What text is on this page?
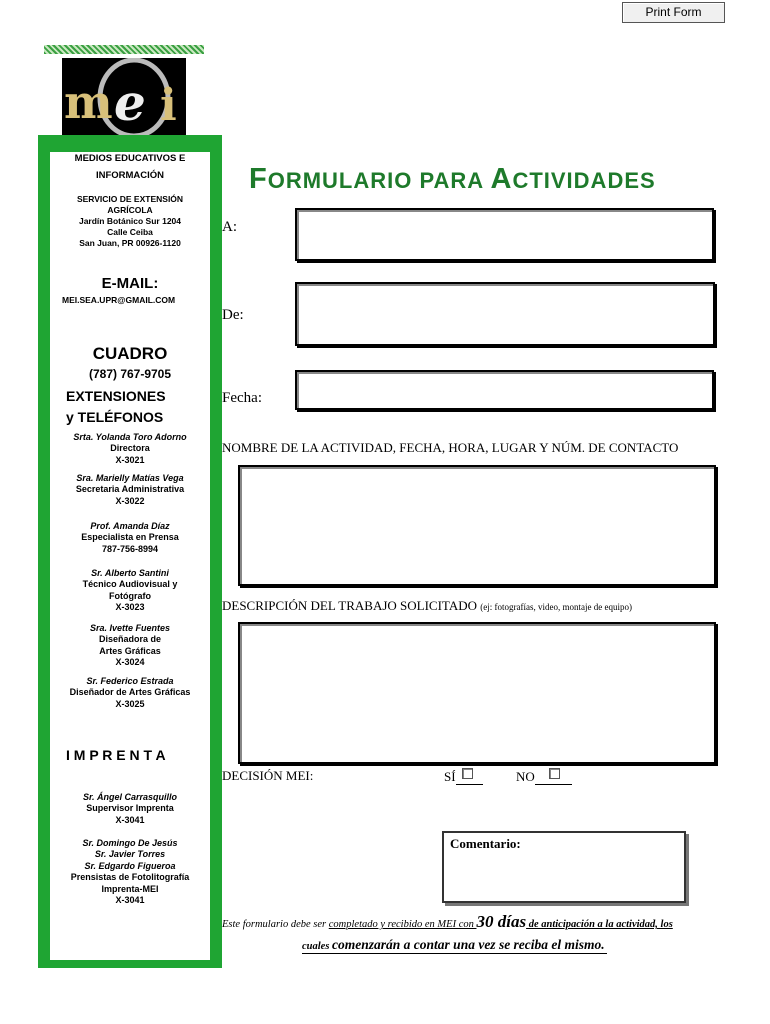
Print Form
m e i
MEDIOS EDUCATIVOS E
INFORMACIÓN
SERVICIO DE EXTENSIÓN
AGRÍCOLA
Jardín Botánico Sur 1204
Calle Ceiba
San Juan, PR 00926-1120
E-MAIL:
MEI.SEA.UPR@GMAIL.COM
CUADRO
(787) 767-9705
EXTENSIONES
y TELÉFONOS
Srta. Yolanda Toro Adorno
Directora
X-3021
Sra. Marielly Matías Vega
Secretaria Administrativa
X-3022
Prof. Amanda Díaz
Especialista en Prensa
787-756-8994
Sr. Alberto Santini
Técnico Audiovisual y
Fotógrafo
X-3023
Sra. Ivette Fuentes
Diseñadora de
Artes Gráficas
X-3024
Sr. Federico Estrada
Diseñador de Artes Gráficas
X-3025
I M P R E N T A
Sr. Ángel Carrasquillo
Supervisor Imprenta
X-3041
Sr. Domingo De Jesús
Sr. Javier Torres
Sr. Edgardo Figueroa
Prensistas de Fotolitografía
Imprenta-MEI
X-3041
FORMULARIO PARA ACTIVIDADES
A:
De:
Fecha:
NOMBRE DE LA ACTIVIDAD, FECHA, HORA, LUGAR Y NÚM. DE CONTACTO
DESCRIPCIÓN DEL TRABAJO SOLICITADO (ej: fotografías, video, montaje de equipo)
DECISIÓN MEI:	SÍ	NO
Comentario:
Este formulario debe ser completado y recibido en MEI con 30 días de anticipación a la actividad, los
cuales comenzarán a contar una vez se reciba el mismo.
